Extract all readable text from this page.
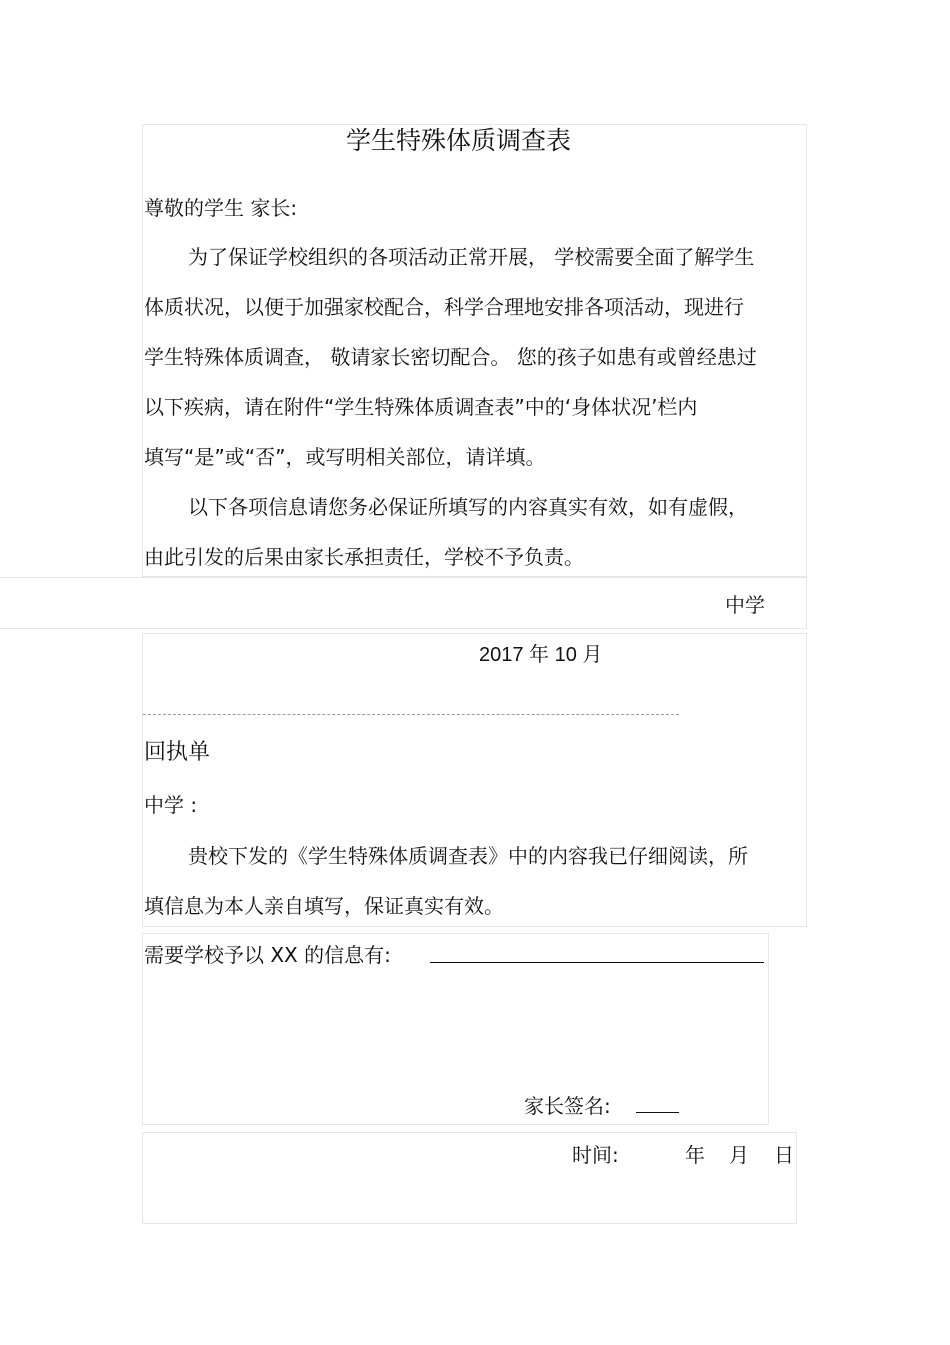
学生特殊体质调查表
尊敬的学生 家长:
为了保证学校组织的各项活动正常开展， 学校需要全面了解学生
体质状况，以便于加强家校配合，科学合理地安排各项活动，现进行
学生特殊体质调查， 敬请家长密切配合。 您的孩子如患有或曾经患过
以下疾病，请在附件“学生特殊体质调查表”中的‘身体状况’栏内
填写“是”或“否”，或写明相关部位，请详填。
以下各项信息请您务必保证所填写的内容真实有效，如有虚假，
由此引发的后果由家长承担责任，学校不予负责。
中学
2017 年 10 月
回执单
中学 :
贵校下发的《学生特殊体质调查表》中的内容我已仔细阅读，所
填信息为本人亲自填写，保证真实有效。
需要学校予以 XX 的信息有:
家长签名:
时间:	年 月 日
